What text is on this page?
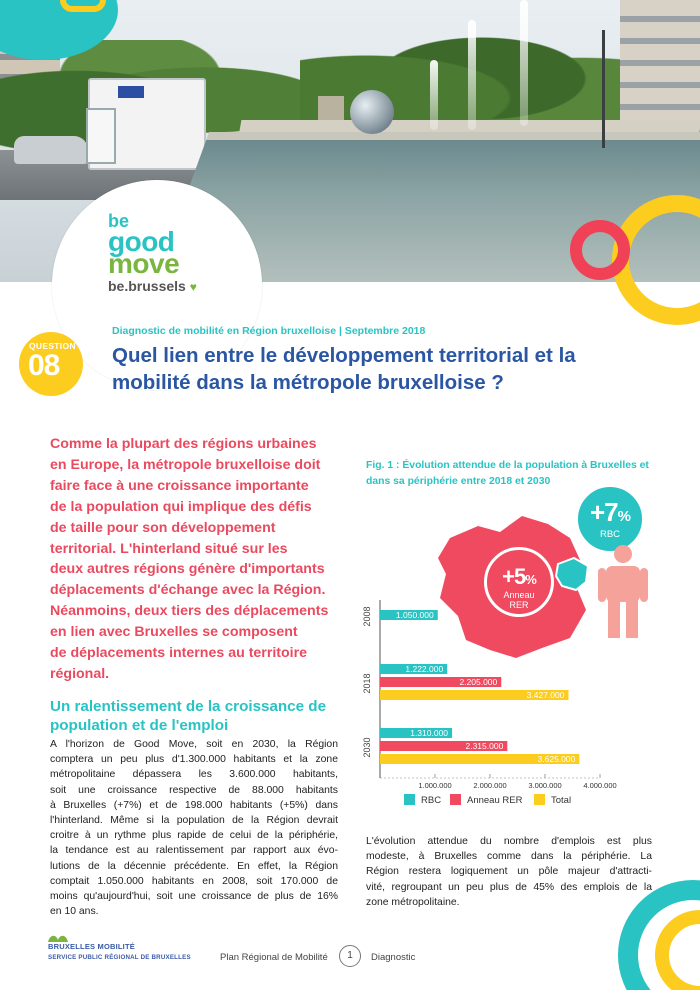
be
good
move
be.brussels ♥
Diagnostic de mobilité en Région bruxelloise | Septembre 2018
QUESTION
08	Quel lien entre le développement territorial et la mobilité dans la métropole bruxelloise ?
Comme la plupart des régions urbaines
en Europe, la métropole bruxelloise doit
faire face à une croissance importante
de la population qui implique des défis
de taille pour son développement
territorial. L'hinterland situé sur les
deux autres régions génère d'importants
déplacements d'échange avec la Région.
Néanmoins, deux tiers des déplacements
en lien avec Bruxelles se composent
de déplacements internes au territoire
régional.
Un ralentissement de la croissance de population et de l'emploi
A l'horizon de Good Move, soit en 2030, la Région
comptera un peu plus d'1.300.000 habitants et la zone
métropolitaine dépassera les 3.600.000 habitants,
soit une croissance respective de 88.000 habitants
à Bruxelles (+7%) et de 198.000 habitants (+5%) dans
l'hinterland. Même si la population de la Région devrait
croitre à un rythme plus rapide de celui de la périphérie,
la tendance est au ralentissement par rapport aux évo-
lutions de la décennie précédente. En effet, la Région
comptait 1.050.000 habitants en 2008, soit 170.000 de
moins qu'aujourd'hui, soit une croissance de plus de 16%
en 10 ans.
Fig. 1 : Évolution attendue de la population à Bruxelles et dans sa périphérie entre 2018 et 2030
+7%
RBC
+5%
Anneau
RER
1.050.000
2008
1.222.000
2.205.000
3.427.000
2018
1.310.000
2.315.000
3.625.000
2030
1.000.000	2.000.000	3.000.000	4.000.000
RBC	Anneau RER	Total
L'évolution attendue du nombre d'emplois est plus
modeste, à Bruxelles comme dans la périphérie. La
Région restera logiquement un pôle majeur d'attracti-
vité, regroupant un peu plus de 45% des emplois de la
zone métropolitaine.
BRUXELLES MOBILITÉ
SERVICE PUBLIC RÉGIONAL DE BRUXELLES	Plan Régional de Mobilité	1	Diagnostic
